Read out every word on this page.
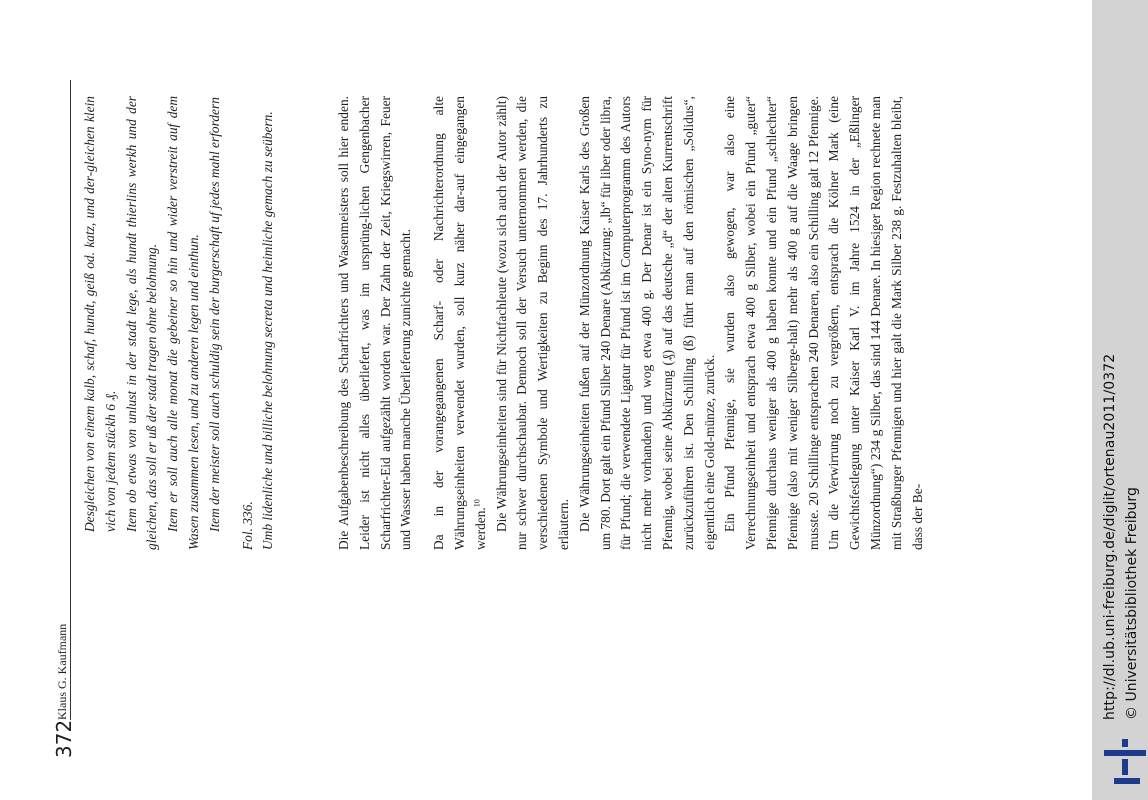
372
Klaus G. Kaufmann

Desgleichen von einem kalb, schaf, hundt, geiß od. katz, und der-gleichen klein vich von jedem stückh 6 ₰. Item ob etwas von unlust in der stadt lege, als hundt thierlins werkh und der gleichen, das soll er uß der stadt tragen ohne belohnung. Item er soll auch alle monat die gebeiner so hin und wider verstreit auf dem Wasen zusammen lesen, und zu anderen legen und einthun. Item der meister soll auch schuldig sein der burgerschaft uf jedes mahl erfordern Fol. 336. Umb lidenliche und billiche belohnung secreta und heimliche gemach zu seübern.	Die Aufgabenbeschreibung des Scharfrichters und Wasenmeisters soll hier enden. Leider ist nicht alles überliefert, was im ursprüng-lichen Gengenbacher Scharfrichter-Eid aufgezählt worden war. Der Zahn der Zeit, Kriegswirren, Feuer und Wasser haben manche Überlieferung zunichte gemacht. Da in der vorangegangenen Scharf- oder Nachrichterordnung alte Währungseinheiten verwendet wurden, soll kurz näher dar-auf eingegangen werden.$^{10}$ Die Währungseinheiten sind für Nichtfachleute (wozu sich auch der Autor zählt) nur schwer durchschaubar. Dennoch soll der Versuch unternommen werden, die verschiedenen Symbole und Wertigkeiten zu Beginn des 17. Jahrhunderts zu erläutern. Die Währungseinheiten fußen auf der Münzordnung Kaiser Karls des Großen um 780. Dort galt ein Pfund Silber 240 Denare (Abkürzung: „lb“ für liber oder libra, für Pfund; die verwendete Ligatur für Pfund ist im Computerprogramm des Autors nicht mehr vorhanden) und wog etwa 400 g. Der Denar ist ein Syno-nym für Pfennig, wobei seine Abkürzung (₰) auf das deutsche „d“ der alten Kurrentschrift zurückzuführen ist. Den Schilling (ß) führt man auf den römischen „Solidus“, eigentlich eine Gold-münze, zurück. Ein Pfund Pfennige, sie wurden also gewogen, war also eine Verrechnungseinheit und entsprach etwa 400 g Silber, wobei ein Pfund „guter“ Pfennige durchaus weniger als 400 g haben konnte und ein Pfund „schlechter“ Pfennige (also mit weniger Silberge-halt) mehr als 400 g auf die Waage bringen musste. 20 Schillinge entsprachen 240 Denaren, also ein Schilling galt 12 Pfennige. Um die Verwirrung noch zu vergrößern, entsprach die Kölner Mark (eine Gewichtsfestlegung unter Kaiser Karl V. im Jahre 1524 in der „Eßlinger Münzordnung“) 234 g Silber, das sind 144 Denare. In hiesiger Region rechnete man mit Straßburger Pfennigen und hier galt die Mark Silber 238 g. Festzuhalten bleibt, dass der Be-	http://dl.ub.uni-freiburg.de/diglit/ortenau2011/0372 © Universitätsbibliothek Freiburg
